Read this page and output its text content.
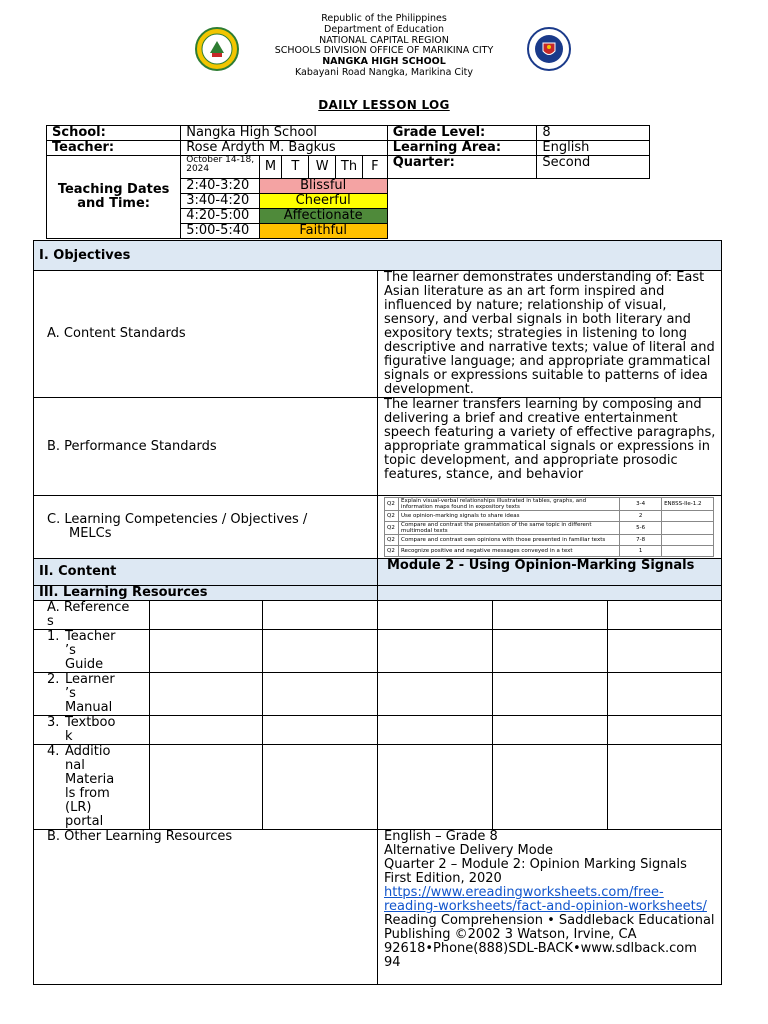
Republic of the Philippines
Department of Education
NATIONAL CAPITAL REGION
SCHOOLS DIVISION OFFICE OF MARIKINA CITY
NANGKA HIGH SCHOOL
Kabayani Road Nangka, Marikina City
DAILY LESSON LOG
School:	Nangka High School						Grade Level:	8
Teacher:	Rose Ardyth M. Bagkus						Learning Area:	English
Teaching Dates and Time:	October 14-18, 2024	M	T	W	Th	F	Quarter:	Second
	2:40-3:20	Blissful						
	3:40-4:20	Cheerful						
	4:20-5:00	Affectionate						
	5:00-5:40	Faithful						
I. Objectives
A. Content Standards	The learner demonstrates understanding of: East Asian literature as an art form inspired and influenced by nature; relationship of visual, sensory, and verbal signals in both literary and expository texts; strategies in listening to long descriptive and narrative texts; value of literal and figurative language; and appropriate grammatical signals or expressions suitable to patterns of idea development.
B. Performance Standards	The learner transfers learning by composing and delivering a brief and creative entertainment speech featuring a variety of effective paragraphs, appropriate grammatical signals or expressions in topic development, and appropriate prosodic features, stance, and behavior

C. Learning Competencies / Objectives /
MELCs

Q2	Explain visual-verbal relationships illustrated in tables, graphs, and information maps found in expository texts	3-4	EN8SS-IIe-1.2
Q2	Use opinion-marking signals to share ideas	2	
Q2	Compare and contrast the presentation of the same topic in different multimodal texts	5-6	
Q2	Compare and contrast own opinions with those presented in familiar texts	7-8	
Q2	Recognize positive and negative messages conveyed in a text	1	

II. Content	Module 2 - Using Opinion-Marking Signals
III. Learning Resources	
A. Reference
s					

1. Teacher
’s
Guide					

2. Learner
’s
Manual					

3. Textboo
k					

4. Additio
nal
Materia
ls from
(LR)
portal					
B. Other Learning Resources	English – Grade 8
Alternative Delivery Mode
Quarter 2 – Module 2: Opinion Marking Signals
First Edition, 2020
https://www.ereadingworksheets.com/free-reading-worksheets/fact-and-opinion-worksheets/
Reading Comprehension • Saddleback Educational Publishing ©2002 3 Watson, Irvine, CA 92618•Phone(888)SDL-BACK•www.sdlback.com 94
